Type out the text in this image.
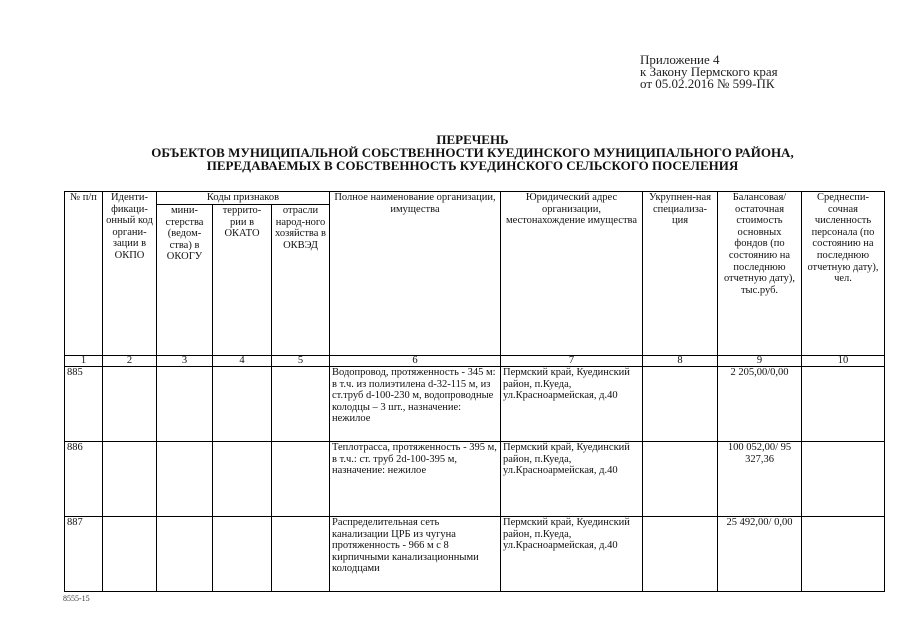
Приложение 4
к Закону Пермского края
от 05.02.2016 № 599-ПК
ПЕРЕЧЕНЬ
ОБЪЕКТОВ МУНИЦИПАЛЬНОЙ СОБСТВЕННОСТИ КУЕДИНСКОГО МУНИЦИПАЛЬНОГО РАЙОНА,
ПЕРЕДАВАЕМЫХ В СОБСТВЕННОСТЬ КУЕДИНСКОГО СЕЛЬСКОГО ПОСЕЛЕНИЯ
№ п/п	Иденти-фикаци-онный код органи-зации в ОКПО	Коды признаков			Полное наименование организации, имущества	Юридический адрес организации, местонахождение имущества	Укрупнен-ная специализа-ция	Балансовая/ остаточная стоимость основных фондов (по состоянию на последнюю отчетную дату), тыс.руб.	Среднеспи-сочная численность персонала (по состоянию на последнюю отчетную дату), чел.
		мини-стерства (ведом-ства) в ОКОГУ	террито-рии в ОКАТО	отрасли народ-ного хозяйства в ОКВЭД					
1	2	3	4	5	6	7	8	9	10
885					Водопровод, протяженность - 345 м: в т.ч. из полиэтилена d-32-115 м, из ст.труб d-100-230 м, водопроводные колодцы – 3 шт., назначение: нежилое	Пермский край, Куединский район, п.Куеда, ул.Красноармейская, д.40		2 205,00/0,00	
886					Теплотрасса, протяженность - 395 м, в т.ч.: ст. труб 2d-100-395 м, назначение: нежилое	Пермский край, Куединский район, п.Куеда, ул.Красноармейская, д.40		100 052,00/ 95 327,36	
887					Распределительная сеть канализации ЦРБ из чугуна протяженность - 966 м с 8 кирпичными канализационными колодцами	Пермский край, Куединский район, п.Куеда, ул.Красноармейская, д.40		25 492,00/ 0,00	
8555-15
